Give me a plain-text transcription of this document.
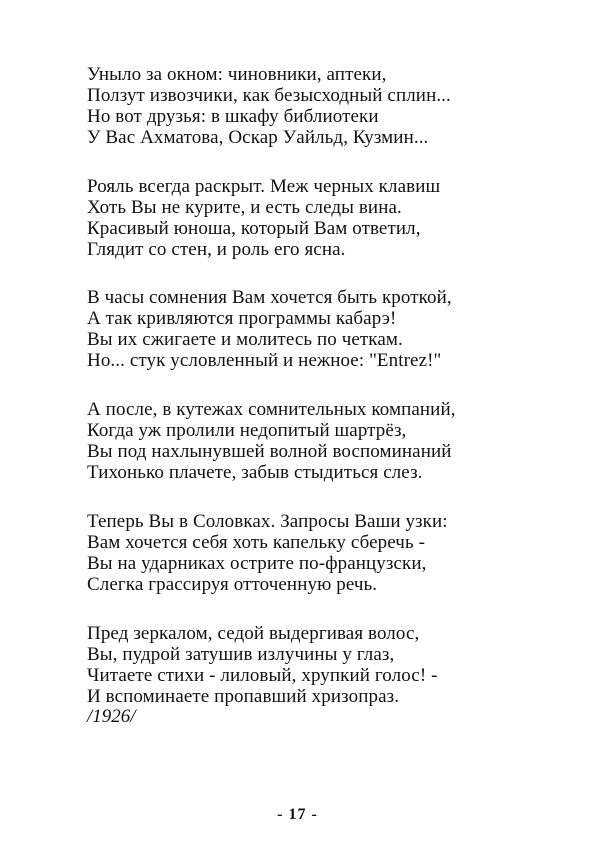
Уныло за окном: чиновники, аптеки,
Ползут извозчики, как безысходный сплин...
Но вот друзья: в шкафу библиотеки
У Вас Ахматова, Оскар Уайльд, Кузмин...
Рояль всегда раскрыт. Меж черных клавиш
Хоть Вы не курите, и есть следы вина.
Красивый юноша, который Вам ответил,
Глядит со стен, и роль его ясна.
В часы сомнения Вам хочется быть кроткой,
А так кривляются программы кабарэ!
Вы их сжигаете и молитесь по четкам.
Но... стук условленный и нежное: "Entrez!"
А после, в кутежах сомнительных компаний,
Когда уж пролили недопитый шартрёз,
Вы под нахлынувшей волной воспоминаний
Тихонько плачете, забыв стыдиться слез.
Теперь Вы в Соловках. Запросы Ваши узки:
Вам хочется себя хоть капельку сберечь -
Вы на ударниках острите по-французски,
Слегка грассируя отточенную речь.
Пред зеркалом, седой выдергивая волос,
Вы, пудрой затушив излучины у глаз,
Читаете стихи - лиловый, хрупкий голос! -
И вспоминаете пропавший хризопраз.
/1926/
- 17 -
